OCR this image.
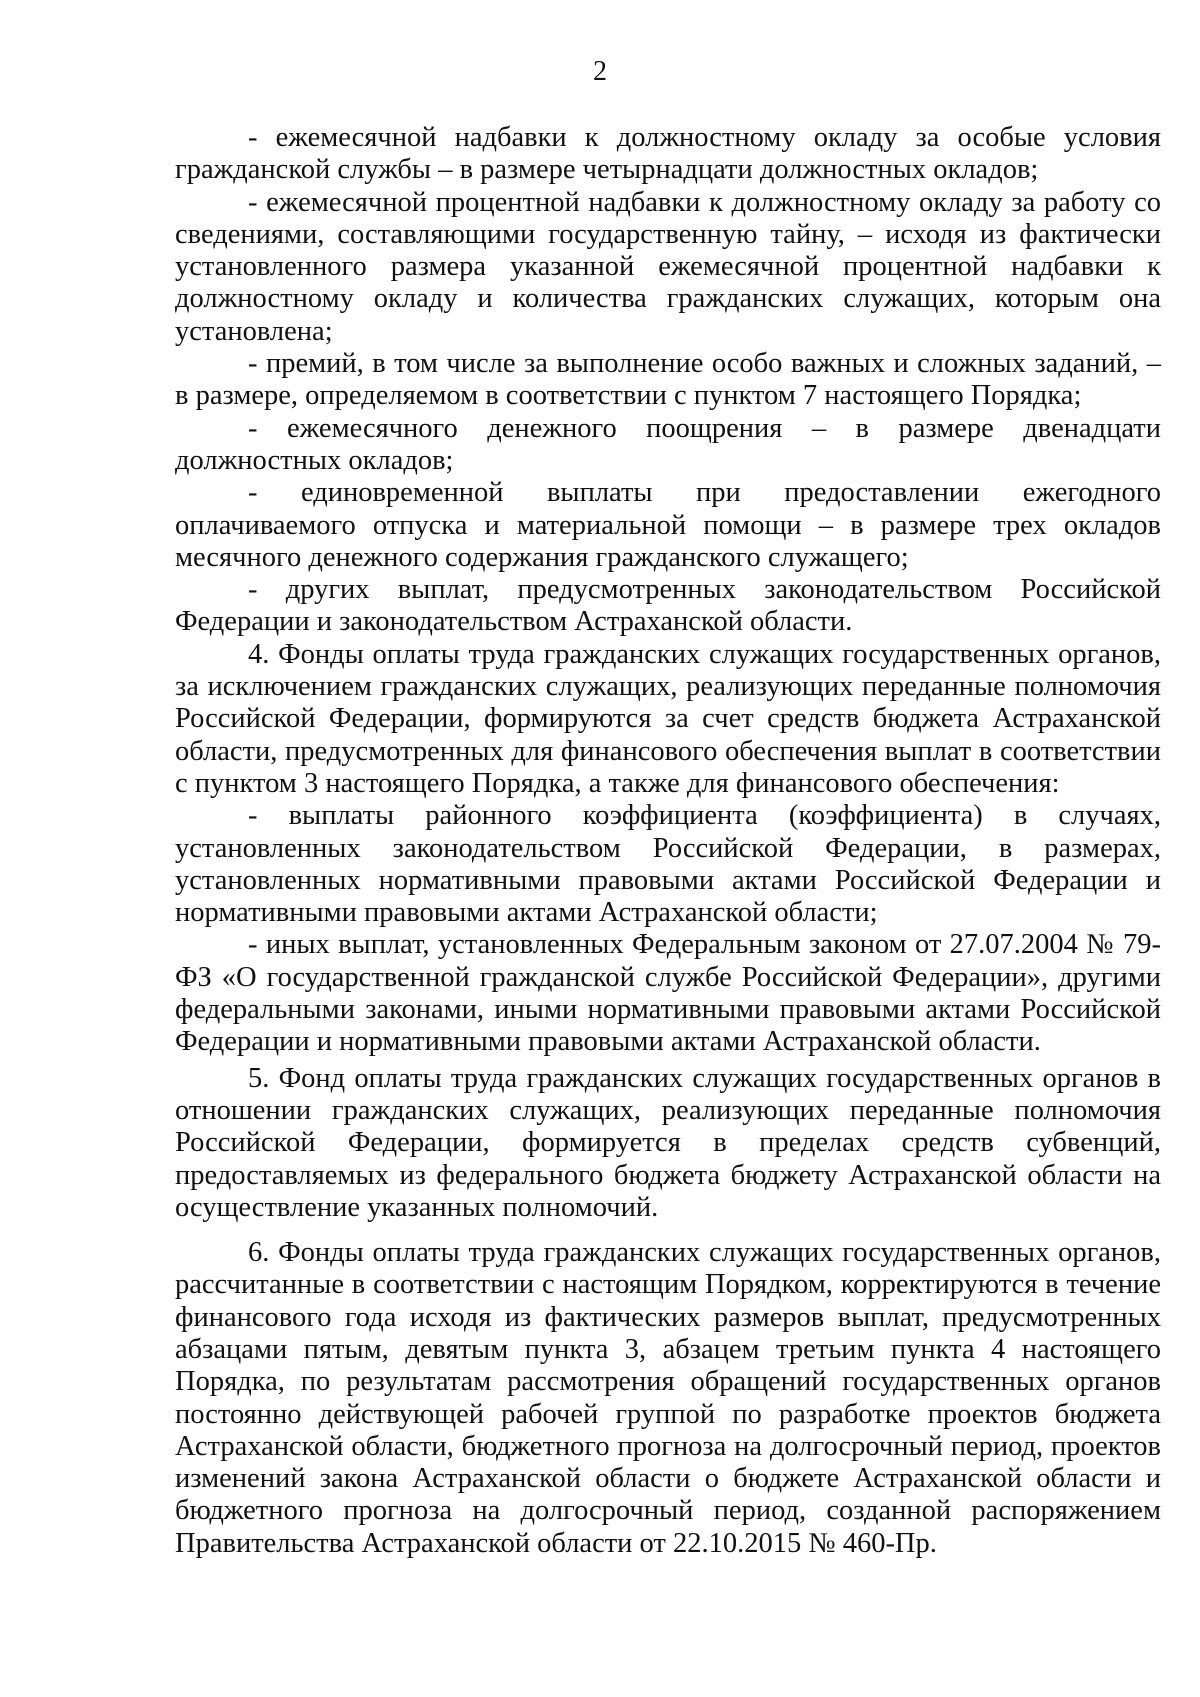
2

- ежемесячной надбавки к должностному окладу за особые условия гражданской службы – в размере четырнадцати должностных окладов;

- ежемесячной процентной надбавки к должностному окладу за работу со сведениями, составляющими государственную тайну, – исходя из фактически установленного размера указанной ежемесячной процентной надбавки к должностному окладу и количества гражданских служащих, которым она установлена;

- премий, в том числе за выполнение особо важных и сложных заданий, – в размере, определяемом в соответствии с пунктом 7 настоящего Порядка;

- ежемесячного денежного поощрения – в размере двенадцати должностных окладов;

- единовременной выплаты при предоставлении ежегодного оплачиваемого отпуска и материальной помощи – в размере трех окладов месячного денежного содержания гражданского служащего;

- других выплат, предусмотренных законодательством Российской Федерации и законодательством Астраханской области.

4. Фонды оплаты труда гражданских служащих государственных органов, за исключением гражданских служащих, реализующих переданные полномочия Российской Федерации, формируются за счет средств бюджета Астраханской области, предусмотренных для финансового обеспечения выплат в соответствии с пунктом 3 настоящего Порядка, а также для финансового обеспечения:

- выплаты районного коэффициента (коэффициента) в случаях, установленных законодательством Российской Федерации, в размерах, установленных нормативными правовыми актами Российской Федерации и нормативными правовыми актами Астраханской области;

- иных выплат, установленных Федеральным законом от 27.07.2004 № 79-ФЗ «О государственной гражданской службе Российской Федерации», другими федеральными законами, иными нормативными правовыми актами Российской Федерации и нормативными правовыми актами Астраханской области.

5. Фонд оплаты труда гражданских служащих государственных органов в отношении гражданских служащих, реализующих переданные полномочия Российской Федерации, формируется в пределах средств субвенций, предоставляемых из федерального бюджета бюджету Астраханской области на осуществление указанных полномочий.

6. Фонды оплаты труда гражданских служащих государственных органов, рассчитанные в соответствии с настоящим Порядком, корректируются в течение финансового года исходя из фактических размеров выплат, предусмотренных абзацами пятым, девятым пункта 3, абзацем третьим пункта 4 настоящего Порядка, по результатам рассмотрения обращений государственных органов постоянно действующей рабочей группой по разработке проектов бюджета Астраханской области, бюджетного прогноза на долгосрочный период, проектов изменений закона Астраханской области о бюджете Астраханской области и бюджетного прогноза на долгосрочный период, созданной распоряжением Правительства Астраханской области от 22.10.2015 № 460-Пр.
